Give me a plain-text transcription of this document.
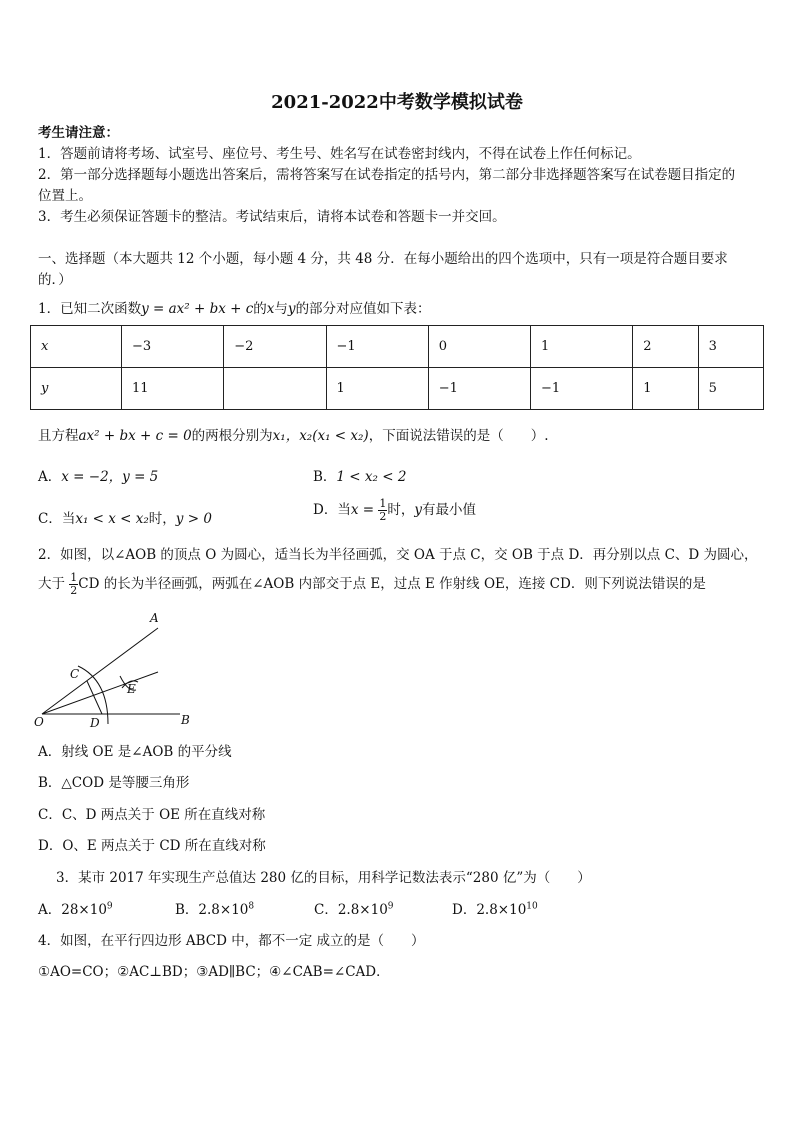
2021-2022中考数学模拟试卷
考生请注意：
1．答题前请将考场、试室号、座位号、考生号、姓名写在试卷密封线内，不得在试卷上作任何标记。
2．第一部分选择题每小题选出答案后，需将答案写在试卷指定的括号内，第二部分非选择题答案写在试卷题目指定的
位置上。
3．考生必须保证答题卡的整洁。考试结束后，请将本试卷和答题卡一并交回。
一、选择题（本大题共 12 个小题，每小题 4 分，共 48 分．在每小题给出的四个选项中，只有一项是符合题目要求
的．）
1．已知二次函数y = ax² + bx + c的x与y的部分对应值如下表：
x	−3	−2	−1	0	1	2	3
y	11		1	−1	−1	1	5
且方程ax² + bx + c = 0的两根分别为x₁，x₂(x₁ < x₂)，下面说法错误的是（　　）.
A．x = −2，y = 5	B．1 < x₂ < 2
C．当x₁ < x < x₂时，y > 0
D．当$x = \frac{1}{2}$ 时，y有最小值
2．如图，以∠AOB 的顶点 O 为圆心，适当长为半径画弧，交 OA 于点 C，交 OB 于点 D．再分别以点 C、D 为圆心，
大于 $\frac{1}{2}$ CD 的长为半径画弧，两弧在∠AOB 内部交于点 E，过点 E 作射线 OE，连接 CD．则下列说法错误的是
A
B
C
D
E
O
A．射线 OE 是∠AOB 的平分线
B．△COD 是等腰三角形
C．C、D 两点关于 OE 所在直线对称
D．O、E 两点关于 CD 所在直线对称
3．某市 2017 年实现生产总值达 280 亿的目标，用科学记数法表示“280 亿”为（　　）
A．$28\times 10^9$	B．$2.8\times 10^8$	C．$2.8\times 10^9$	D．$2.8\times 10^{10}$
4．如图，在平行四边形 ABCD 中，都不一定 成立的是（　　）
①AO=CO；②AC⊥BD；③AD∥BC；④∠CAB=∠CAD．
